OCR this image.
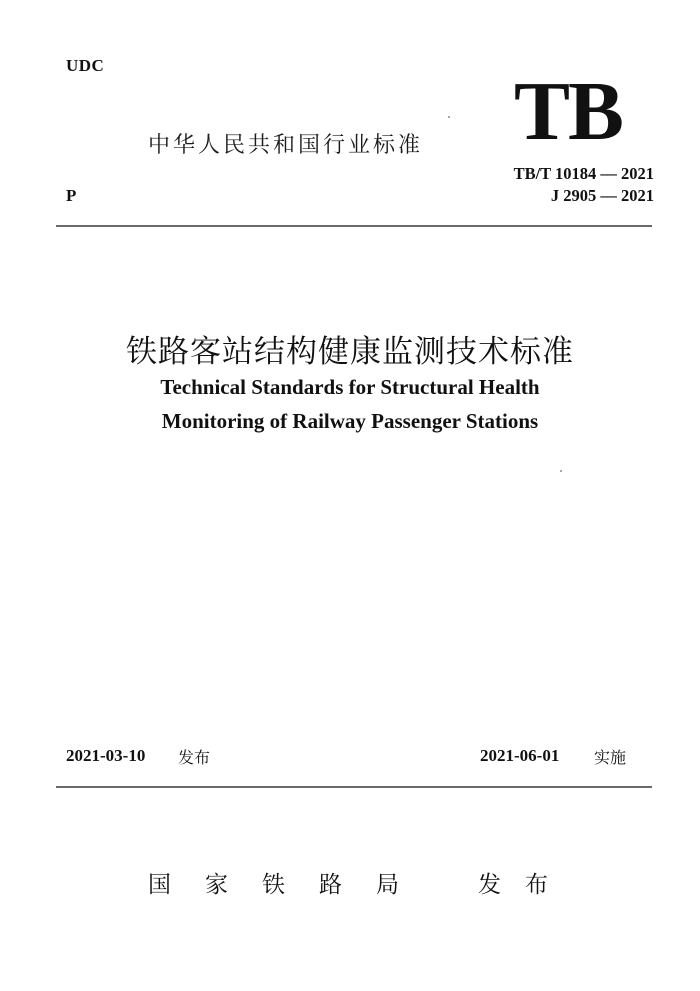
UDC
中华人民共和国行业标准 TB
P
TB/T 10184 — 2021
J 2905 — 2021
铁路客站结构健康监测技术标准
Technical Standards for Structural Health
Monitoring of Railway Passenger Stations
2021-03-10 发布	2021-06-01 实施
国家铁路局 发布
